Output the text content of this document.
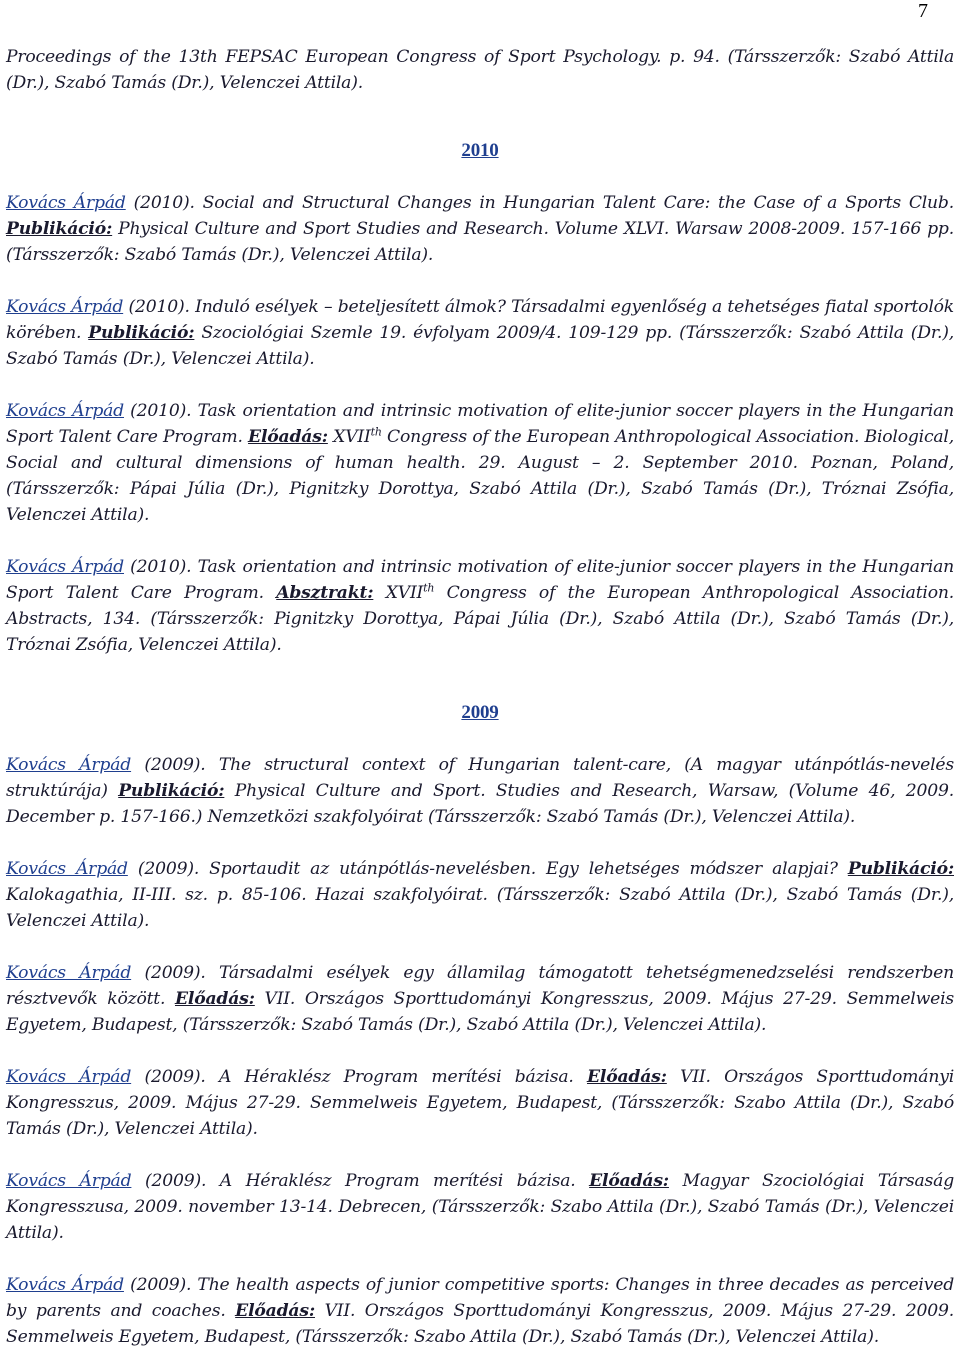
7

Proceedings of the 13th FEPSAC European Congress of Sport Psychology. p. 94. (Társszerzők: Szabó Attila (Dr.), Szabó Tamás (Dr.), Velenczei Attila).

2010

Kovács Árpád (2010). Social and Structural Changes in Hungarian Talent Care: the Case of a Sports Club. Publikáció: Physical Culture and Sport Studies and Research. Volume XLVI. Warsaw 2008-2009. 157-166 pp. (Társszerzők: Szabó Tamás (Dr.), Velenczei Attila).

Kovács Árpád (2010). Induló esélyek – beteljesített álmok? Társadalmi egyenlőség a tehetséges fiatal sportolók körében. Publikáció: Szociológiai Szemle 19. évfolyam 2009/4. 109-129 pp. (Társszerzők: Szabó Attila (Dr.), Szabó Tamás (Dr.), Velenczei Attila).

Kovács Árpád (2010). Task orientation and intrinsic motivation of elite-junior soccer players in the Hungarian Sport Talent Care Program. Előadás: XVIIth Congress of the European Anthropological Association. Biological, Social and cultural dimensions of human health. 29. August – 2. September 2010. Poznan, Poland, (Társszerzők: Pápai Júlia (Dr.), Pignitzky Dorottya, Szabó Attila (Dr.), Szabó Tamás (Dr.), Tróznai Zsófia, Velenczei Attila).

Kovács Árpád (2010). Task orientation and intrinsic motivation of elite-junior soccer players in the Hungarian Sport Talent Care Program. Absztrakt: XVIIth Congress of the European Anthropological Association. Abstracts, 134. (Társszerzők: Pignitzky Dorottya, Pápai Júlia (Dr.), Szabó Attila (Dr.), Szabó Tamás (Dr.), Tróznai Zsófia, Velenczei Attila).

2009

Kovács Árpád (2009). The structural context of Hungarian talent-care, (A magyar utánpótlás-nevelés struktúrája) Publikáció: Physical Culture and Sport. Studies and Research, Warsaw, (Volume 46, 2009. December p. 157-166.) Nemzetközi szakfolyóirat (Társszerzők: Szabó Tamás (Dr.), Velenczei Attila).

Kovács Árpád (2009). Sportaudit az utánpótlás-nevelésben. Egy lehetséges módszer alapjai? Publikáció: Kalokagathia, II-III. sz. p. 85-106. Hazai szakfolyóirat. (Társszerzők: Szabó Attila (Dr.), Szabó Tamás (Dr.), Velenczei Attila).

Kovács Árpád (2009). Társadalmi esélyek egy államilag támogatott tehetségmenedzselési rendszerben résztvevők között. Előadás: VII. Országos Sporttudományi Kongresszus, 2009. Május 27-29. Semmelweis Egyetem, Budapest, (Társszerzők: Szabó Tamás (Dr.), Szabó Attila (Dr.), Velenczei Attila).

Kovács Árpád (2009). A Héraklész Program merítési bázisa. Előadás: VII. Országos Sporttudományi Kongresszus, 2009. Május 27-29. Semmelweis Egyetem, Budapest, (Társszerzők: Szabo Attila (Dr.), Szabó Tamás (Dr.), Velenczei Attila).

Kovács Árpád (2009). A Héraklész Program merítési bázisa. Előadás: Magyar Szociológiai Társaság Kongresszusa, 2009. november 13-14. Debrecen, (Társszerzők: Szabo Attila (Dr.), Szabó Tamás (Dr.), Velenczei Attila).

Kovács Árpád (2009). The health aspects of junior competitive sports: Changes in three decades as perceived by parents and coaches. Előadás: VII. Országos Sporttudományi Kongresszus, 2009. Május 27-29. 2009. Semmelweis Egyetem, Budapest, (Társszerzők: Szabo Attila (Dr.), Szabó Tamás (Dr.), Velenczei Attila).
